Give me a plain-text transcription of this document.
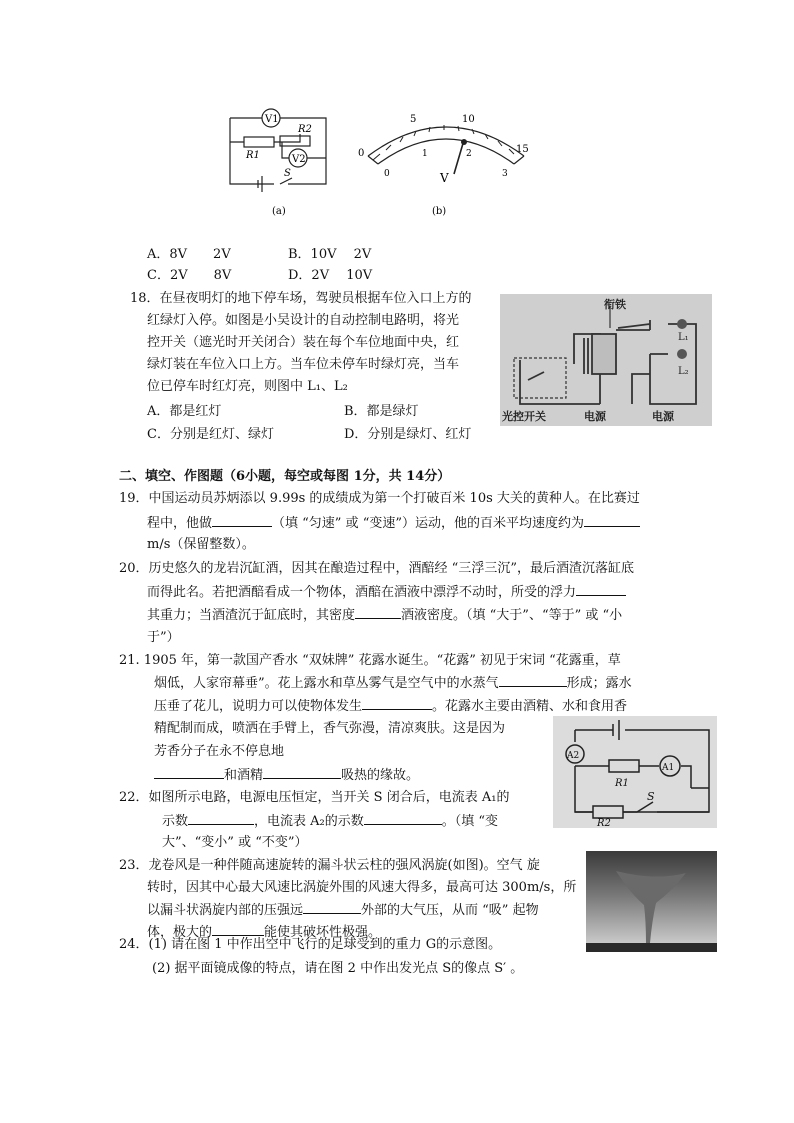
V1
V2
R1
R2
S
(a)
0
5	10
15
0
1	2
3
V
(b)
A．8V　　2V	B．10V　 2V
C．2V　　8V	D．2V　 10V
18．在昼夜明灯的地下停车场，驾驶员根据车位入口上方的
红绿灯入停。如图是小吴设计的自动控制电路明，将光
控开关（遮光时开关闭合）装在每个车位地面中央，红
绿灯装在车位入口上方。当车位未停车时绿灯亮，当车
位已停车时红灯亮，则图中 L₁、L₂
A．都是红灯	B．都是绿灯
C．分别是红灯、绿灯	D．分别是绿灯、红灯
衔铁
L₁
L₂
光控开关	电源	电源
二、填空、作图题（6小题，每空或每图 1分，共 14分）
19．中国运动员苏炳添以 9.99s 的成绩成为第一个打破百米 10s 大关的黄种人。在比赛过
程中，他做	（填 “匀速” 或 “变速”）运动，他的百米平均速度约为
m/s（保留整数）。
20．历史悠久的龙岩沉缸酒，因其在酿造过程中，酒醅经 “三浮三沉”，最后酒渣沉落缸底
而得此名。若把酒醅看成一个物体，酒醅在酒液中漂浮不动时，所受的浮力
其重力；当酒渣沉于缸底时，其密度	酒液密度。（填 “大于”、“等于” 或 “小
于”）
21. 1905 年，第一款国产香水 “双妹牌” 花露水诞生。“花露” 初见于宋词 “花露重，草
烟低，人家帘幕垂”。花上露水和草丛雾气是空气中的水蒸气	形成；露水
压垂了花儿，说明力可以使物体发生	。花露水主要由酒精、水和食用香
精配制而成，喷洒在手臂上，香气弥漫，清凉爽肤。这是因为
芳香分子在永不停息地
和酒精	吸热的缘故。
A2
A1
R1
R2
S
22．如图所示电路，电源电压恒定，当开关 S 闭合后，电流表 A₁的
示数	，电流表 A₂的示数	。（填 “变
大”、“变小” 或 “不变”）
23．龙卷风是一种伴随高速旋转的漏斗状云柱的强风涡旋(如图)。空气 旋
转时，因其中心最大风速比涡旋外围的风速大得多，最高可达 300m/s，所
以漏斗状涡旋内部的压强远	外部的大气压，从而 “吸” 起物
体，极大的	能使其破坏性极强。
24．(1) 请在图 1 中作出空中飞行的足球受到的重力 G的示意图。
(2) 据平面镜成像的特点，请在图 2 中作出发光点 S的像点 S′ 。
